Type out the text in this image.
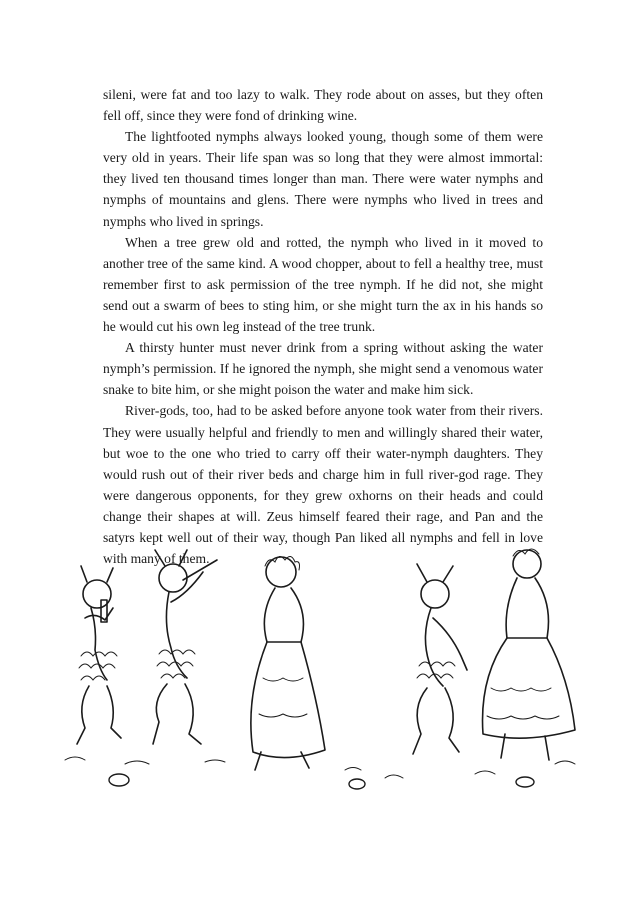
sileni, were fat and too lazy to walk. They rode about on asses, but they often fell off, since they were fond of drinking wine.

The lightfooted nymphs always looked young, though some of them were very old in years. Their life span was so long that they were almost immortal: they lived ten thousand times longer than man. There were water nymphs and nymphs of mountains and glens. There were nymphs who lived in trees and nymphs who lived in springs.

When a tree grew old and rotted, the nymph who lived in it moved to another tree of the same kind. A wood chopper, about to fell a healthy tree, must remember first to ask permission of the tree nymph. If he did not, she might send out a swarm of bees to sting him, or she might turn the ax in his hands so he would cut his own leg instead of the tree trunk.

A thirsty hunter must never drink from a spring without asking the water nymph’s permission. If he ignored the nymph, she might send a venomous water snake to bite him, or she might poison the water and make him sick.

River-gods, too, had to be asked before anyone took water from their rivers. They were usually helpful and friendly to men and willingly shared their water, but woe to the one who tried to carry off their water-nymph daughters. They would rush out of their river beds and charge him in full river-god rage. They were dangerous opponents, for they grew oxhorns on their heads and could change their shapes at will. Zeus himself feared their rage, and Pan and the satyrs kept well out of their way, though Pan liked all nymphs and fell in love with many of them.
